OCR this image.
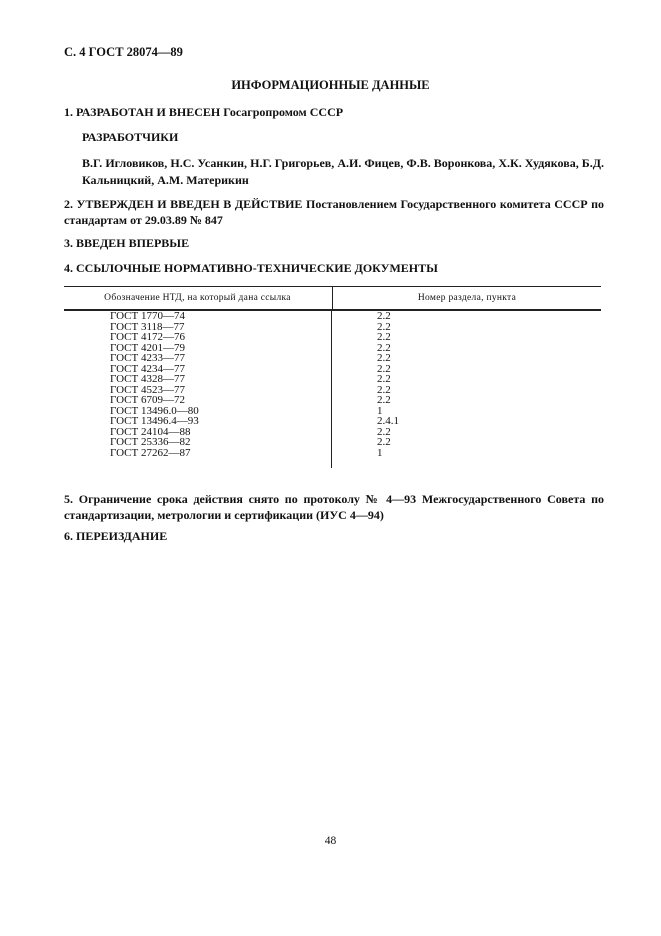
С. 4 ГОСТ 28074—89
ИНФОРМАЦИОННЫЕ ДАННЫЕ
1. РАЗРАБОТАН И ВНЕСЕН Госагропромом СССР
РАЗРАБОТЧИКИ
В.Г. Игловиков, Н.С. Усанкин, Н.Г. Григорьев, А.И. Фицев, Ф.В. Воронкова, Х.К. Худякова, Б.Д. Кальницкий, А.М. Материкин
2. УТВЕРЖДЕН И ВВЕДЕН В ДЕЙСТВИЕ Постановлением Государственного комитета СССР по стандартам от 29.03.89 № 847
3. ВВЕДЕН ВПЕРВЫЕ
4. ССЫЛОЧНЫЕ НОРМАТИВНО-ТЕХНИЧЕСКИЕ ДОКУМЕНТЫ
Обозначение НТД, на который дана ссылка	Номер раздела, пункта
ГОСТ 1770—74	2.2
ГОСТ 3118—77	2.2
ГОСТ 4172—76	2.2
ГОСТ 4201—79	2.2
ГОСТ 4233—77	2.2
ГОСТ 4234—77	2.2
ГОСТ 4328—77	2.2
ГОСТ 4523—77	2.2
ГОСТ 6709—72	2.2
ГОСТ 13496.0—80	1
ГОСТ 13496.4—93	2.4.1
ГОСТ 24104—88	2.2
ГОСТ 25336—82	2.2
ГОСТ 27262—87	1
5. Ограничение срока действия снято по протоколу № 4—93 Межгосударственного Совета по стандартизации, метрологии и сертификации (ИУС 4—94)
6. ПЕРЕИЗДАНИЕ
48
